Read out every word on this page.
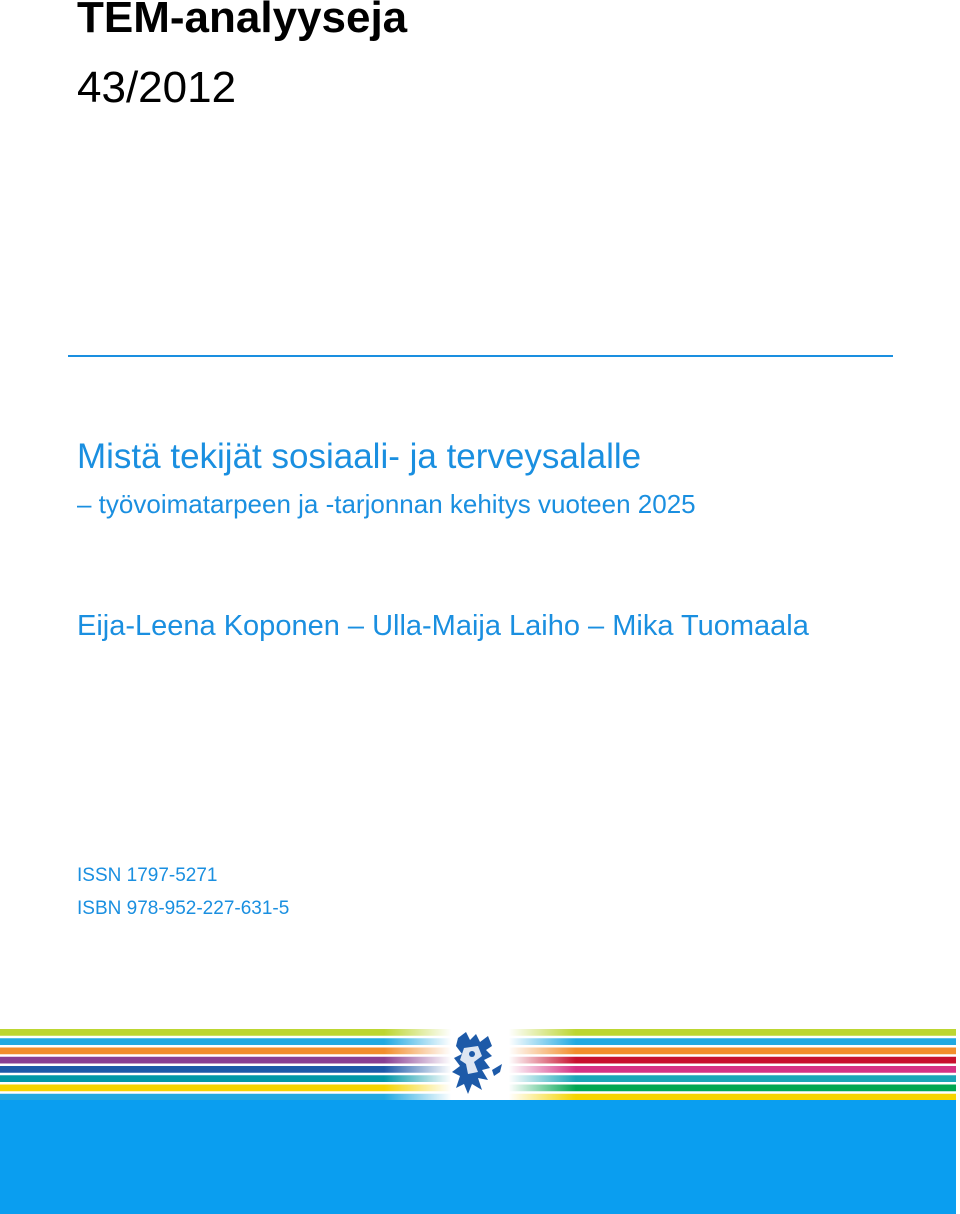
TEM-analyyseja
43/2012
Mistä tekijät sosiaali- ja terveysalalle
– työvoimatarpeen ja -tarjonnan kehitys vuoteen 2025
Eija-Leena Koponen – Ulla-Maija Laiho – Mika Tuomaala
ISSN 1797-5271
ISBN 978-952-227-631-5
